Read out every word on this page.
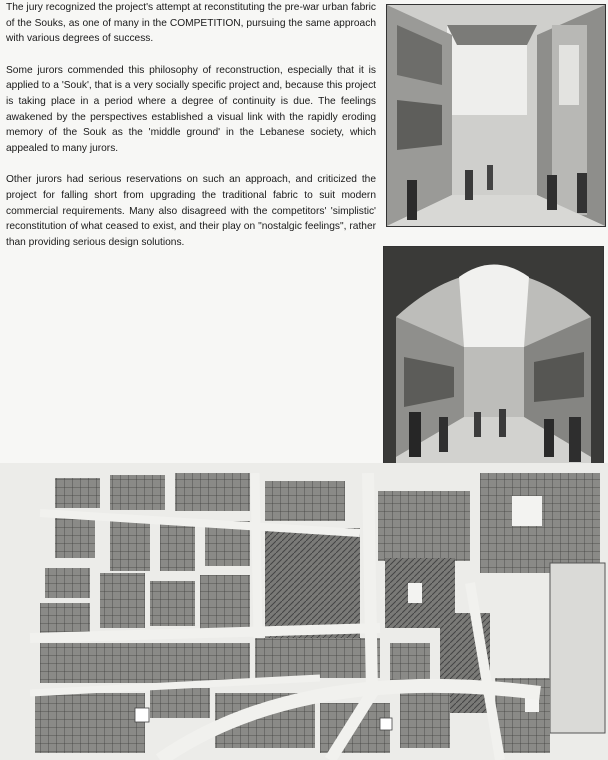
The jury recognized the project's attempt at reconstituting the pre-war urban fabric of the Souks, as one of many in the COMPETITION, pursuing the same approach with various degrees of success.

Some jurors commended this philosophy of reconstruction, especially that it is applied to a 'Souk', that is a very socially specific project and, because this project is taking place in a period where a degree of continuity is due. The feelings awakened by the perspectives established a visual link with the rapidly eroding memory of the Souk as the 'middle ground' in the Lebanese society, which appealed to many jurors.

Other jurors had serious reservations on such an approach, and criticized the project for falling short from upgrading the traditional fabric to suit modern commercial requirements. Many also disagreed with the competitors' 'simplistic' reconstitution of what ceased to exist, and their play on "nostalgic feelings", rather than providing serious design solutions.
